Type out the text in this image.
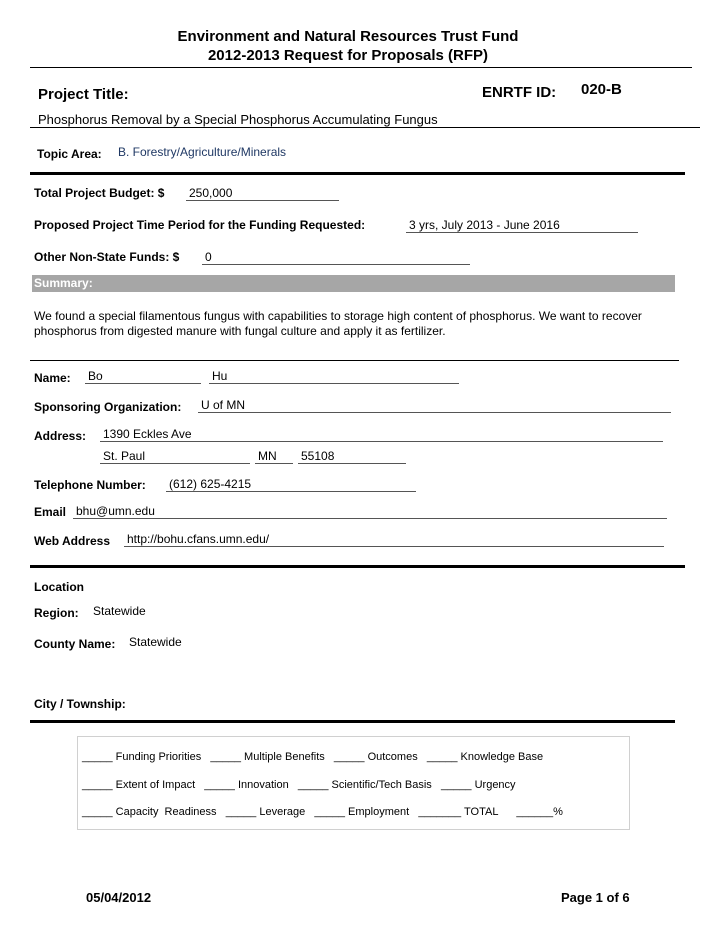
Environment and Natural Resources Trust Fund
2012-2013 Request for Proposals (RFP)
Project Title:	ENRTF ID: 020-B
Phosphorus Removal by a Special Phosphorus Accumulating Fungus
Topic Area: B. Forestry/Agriculture/Minerals
Total Project Budget: $ 250,000
Proposed Project Time Period for the Funding Requested:	3 yrs, July 2013 - June 2016
Other Non-State Funds: $ 0
Summary:
We found a special filamentous fungus with capabilities to storage high content of phosphorus. We want to recover phosphorus from digested manure with fungal culture and apply it as fertilizer.
Name: Bo	Hu
Sponsoring Organization: U of MN
Address: 1390 Eckles Ave
St. Paul	MN	55108
Telephone Number: (612) 625-4215
Email bhu@umn.edu
Web Address http://bohu.cfans.umn.edu/
Location
Region: Statewide
County Name: Statewide
City / Township:
_____ Funding Priorities   _____ Multiple Benefits   _____ Outcomes   _____ Knowledge Base
_____ Extent of Impact   _____ Innovation   _____ Scientific/Tech Basis   _____ Urgency
_____ Capacity  Readiness   _____ Leverage   _____ Employment   _______ TOTAL      ______%
05/04/2012	Page 1 of 6
